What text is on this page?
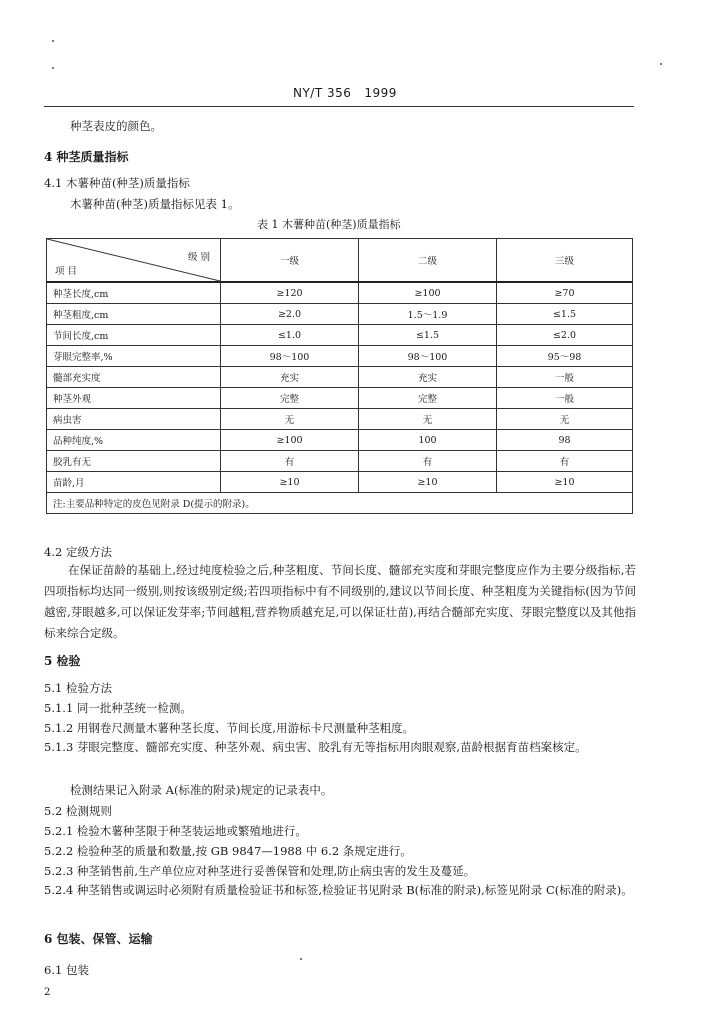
NY/T 356 1999
种茎表皮的颜色。
4 种茎质量指标
4.1 木薯种苗(种茎)质量指标
木薯种苗(种茎)质量指标见表 1。
表 1 木薯种苗(种茎)质量指标
级 别
项 目	一级	二级	三级
种茎长度,cm	≥120	≥100	≥70
种茎粗度,cm	≥2.0	1.5～1.9	≤1.5
节间长度,cm	≤1.0	≤1.5	≤2.0
芽眼完整率,%	98～100	98～100	95～98
髓部充实度	充实	充实	一般
种茎外观	完整	完整	一般
病虫害	无	无	无
品种纯度,%	≥100	100	98
胶乳有无	有	有	有
苗龄,月	≥10	≥10	≥10
注:主要品种特定的皮色见附录 D(提示的附录)。			
4.2 定级方法
在保证苗龄的基础上,经过纯度检验之后,种茎粗度、节间长度、髓部充实度和芽眼完整度应作为主要分级指标,若四项指标均达同一级别,则按该级别定级;若四项指标中有不同级别的,建议以节间长度、种茎粗度为关键指标(因为节间越密,芽眼越多,可以保证发芽率;节间越粗,营养物质越充足,可以保证壮苗),再结合髓部充实度、芽眼完整度以及其他指标来综合定级。
5 检验
5.1 检验方法
5.1.1 同一批种茎统一检测。
5.1.2 用钢卷尺测量木薯种茎长度、节间长度,用游标卡尺测量种茎粗度。
5.1.3 芽眼完整度、髓部充实度、种茎外观、病虫害、胶乳有无等指标用肉眼观察,苗龄根据育苗档案核定。
检测结果记入附录 A(标准的附录)规定的记录表中。
5.2 检测规则
5.2.1 检验木薯种茎限于种茎装运地或繁殖地进行。
5.2.2 检验种茎的质量和数量,按 GB 9847—1988 中 6.2 条规定进行。
5.2.3 种茎销售前,生产单位应对种茎进行妥善保管和处理,防止病虫害的发生及蔓延。
5.2.4 种茎销售或调运时必须附有质量检验证书和标签,检验证书见附录 B(标准的附录),标签见附录 C(标准的附录)。
6 包装、保管、运输
6.1 包装
2
